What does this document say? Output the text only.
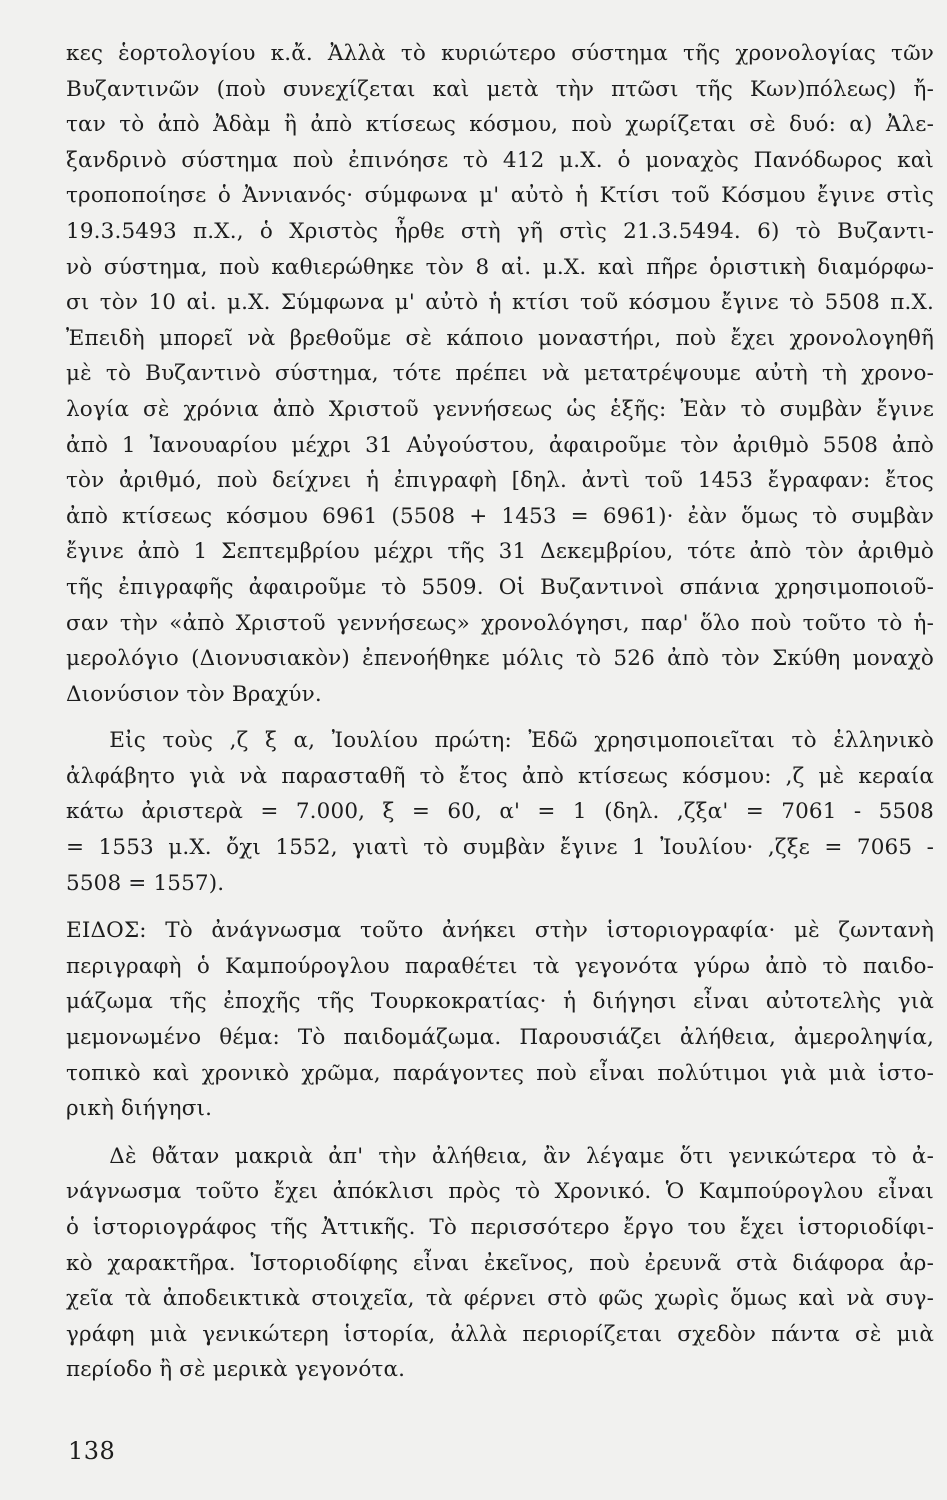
κες ἑορτολογίου κ.ἄ. Ἀλλὰ τὸ κυριώτερο σύστημα τῆς χρονολογίας τῶν
Βυζαντινῶν (ποὺ συνεχίζεται καὶ μετὰ τὴν πτῶσι τῆς Κων)πόλεως) ἤ-
ταν τὸ ἀπὸ Ἀδὰμ ἢ ἀπὸ κτίσεως κόσμου, ποὺ χωρίζεται σὲ δυό: α) Ἀλε-
ξανδρινὸ σύστημα ποὺ ἐπινόησε τὸ 412 μ.Χ. ὁ μοναχὸς Πανόδωρος καὶ
τροποποίησε ὁ Ἀννιανός· σύμφωνα μ' αὐτὸ ἡ Κτίσι τοῦ Κόσμου ἔγινε στὶς
19.3.5493 π.Χ., ὁ Χριστὸς ἦρθε στὴ γῆ στὶς 21.3.5494. 6) τὸ Βυζαντι-
νὸ σύστημα, ποὺ καθιερώθηκε τὸν 8 αἰ. μ.Χ. καὶ πῆρε ὁριστικὴ διαμόρφω-
σι τὸν 10 αἰ. μ.Χ. Σύμφωνα μ' αὐτὸ ἡ κτίσι τοῦ κόσμου ἔγινε τὸ 5508 π.Χ.
Ἐπειδὴ μπορεῖ νὰ βρεθοῦμε σὲ κάποιο μοναστήρι, ποὺ ἔχει χρονολογηθῆ
μὲ τὸ Βυζαντινὸ σύστημα, τότε πρέπει νὰ μετατρέψουμε αὐτὴ τὴ χρονο-
λογία σὲ χρόνια ἀπὸ Χριστοῦ γεννήσεως ὡς ἑξῆς: Ἐὰν τὸ συμβὰν ἔγινε
ἀπὸ 1 Ἰανουαρίου μέχρι 31 Αὐγούστου, ἀφαιροῦμε τὸν ἀριθμὸ 5508 ἀπὸ
τὸν ἀριθμό, ποὺ δείχνει ἡ ἐπιγραφὴ [δηλ. ἀντὶ τοῦ 1453 ἔγραφαν: ἔτος
ἀπὸ κτίσεως κόσμου 6961 (5508 + 1453 = 6961)· ἐὰν ὅμως τὸ συμβὰν
ἔγινε ἀπὸ 1 Σεπτεμβρίου μέχρι τῆς 31 Δεκεμβρίου, τότε ἀπὸ τὸν ἀριθμὸ
τῆς ἐπιγραφῆς ἀφαιροῦμε τὸ 5509. Οἱ Βυζαντινοὶ σπάνια χρησιμοποιοῦ-
σαν τὴν «ἀπὸ Χριστοῦ γεννήσεως» χρονολόγησι, παρ' ὅλο ποὺ τοῦτο τὸ ἡ-
μερολόγιο (Διονυσιακὸν) ἐπενοήθηκε μόλις τὸ 526 ἀπὸ τὸν Σκύθη μοναχὸ
Διονύσιον τὸν Βραχύν.
  Εἰς τοὺς ,ζ ξ α, Ἰουλίου πρώτη: Ἐδῶ χρησιμοποιεῖται τὸ ἑλληνικὸ
ἀλφάβητο γιὰ νὰ παρασταθῆ τὸ ἔτος ἀπὸ κτίσεως κόσμου: ,ζ μὲ κεραία
κάτω ἀριστερὰ = 7.000, ξ = 60, α' = 1 (δηλ. ,ζξα' = 7061 - 5508
= 1553 μ.Χ. ὄχι 1552, γιατὶ τὸ συμβὰν ἔγινε 1 Ἰουλίου· ,ζξε = 7065 -
5508 = 1557).
ΕΙΔΟΣ: Τὸ ἀνάγνωσμα τοῦτο ἀνήκει στὴν ἱστοριογραφία· μὲ ζωντανὴ
περιγραφὴ ὁ Καμπούρογλου παραθέτει τὰ γεγονότα γύρω ἀπὸ τὸ παιδο-
μάζωμα τῆς ἐποχῆς τῆς Τουρκοκρατίας· ἡ διήγησι εἶναι αὐτοτελὴς γιὰ
μεμονωμένο θέμα: Τὸ παιδομάζωμα. Παρουσιάζει ἀλήθεια, ἀμεροληψία,
τοπικὸ καὶ χρονικὸ χρῶμα, παράγοντες ποὺ εἶναι πολύτιμοι γιὰ μιὰ ἱστο-
ρικὴ διήγησι.
  Δὲ θἄταν μακριὰ ἀπ' τὴν ἀλήθεια, ἂν λέγαμε ὅτι γενικώτερα τὸ ἀ-
νάγνωσμα τοῦτο ἔχει ἀπόκλισι πρὸς τὸ Χρονικό. Ὁ Καμπούρογλου εἶναι
ὁ ἱστοριογράφος τῆς Ἀττικῆς. Τὸ περισσότερο ἔργο του ἔχει ἱστοριοδίφι-
κὸ χαρακτῆρα. Ἱστοριοδίφης εἶναι ἐκεῖνος, ποὺ ἐρευνᾶ στὰ διάφορα ἀρ-
χεῖα τὰ ἀποδεικτικὰ στοιχεῖα, τὰ φέρνει στὸ φῶς χωρὶς ὅμως καὶ νὰ συγ-
γράφη μιὰ γενικώτερη ἱστορία, ἀλλὰ περιορίζεται σχεδὸν πάντα σὲ μιὰ
περίοδο ἢ σὲ μερικὰ γεγονότα.
138
